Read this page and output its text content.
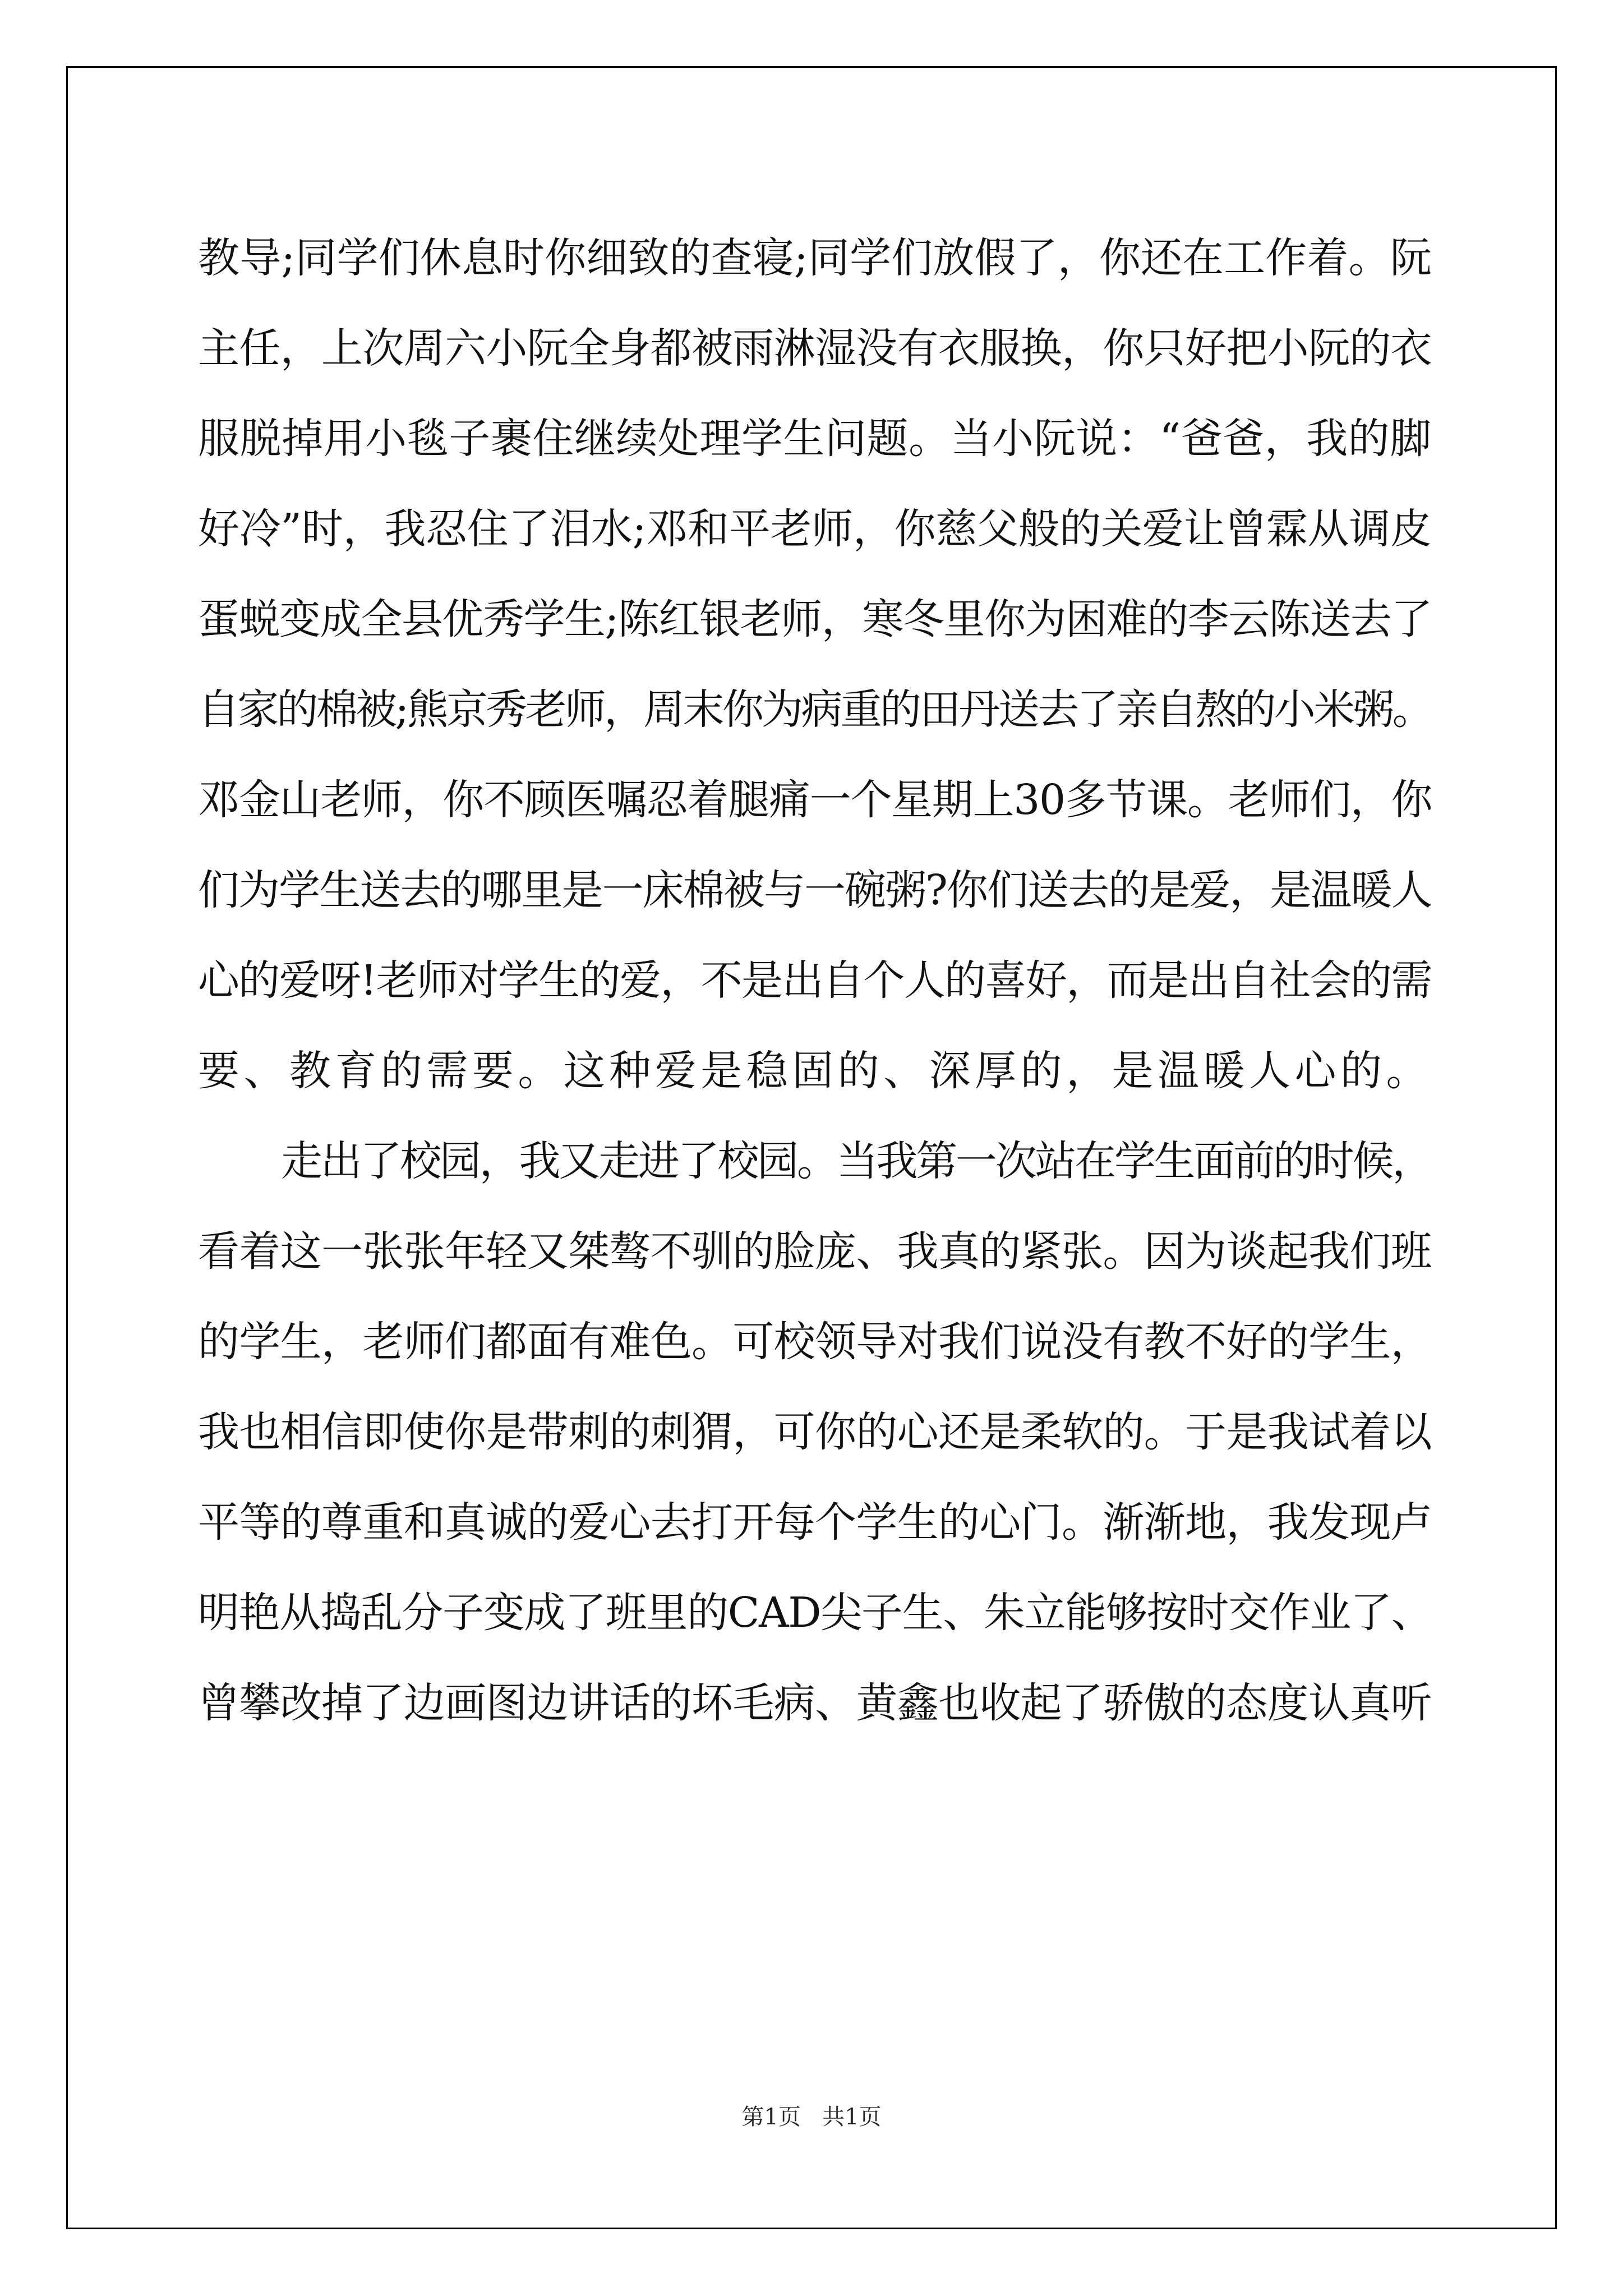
教导;同学们休息时你细致的查寝;同学们放假了，你还在工作着。阮
主任，上次周六小阮全身都被雨淋湿没有衣服换，你只好把小阮的衣
服脱掉用小毯子裹住继续处理学生问题。当小阮说：“爸爸，我的脚
好冷”时，我忍住了泪水;邓和平老师，你慈父般的关爱让曾霖从调皮
蛋蜕变成全县优秀学生;陈红银老师，寒冬里你为困难的李云陈送去了
自家的棉被;熊京秀老师，周末你为病重的田丹送去了亲自熬的小米粥。
邓金山老师，你不顾医嘱忍着腿痛一个星期上30多节课。老师们，你
们为学生送去的哪里是一床棉被与一碗粥?你们送去的是爱，是温暖人
心的爱呀!老师对学生的爱，不是出自个人的喜好，而是出自社会的需
要、教育的需要。这种爱是稳固的、深厚的，是温暖人心的。
走出了校园，我又走进了校园。当我第一次站在学生面前的时候，
看着这一张张年轻又桀骜不驯的脸庞、我真的紧张。因为谈起我们班
的学生，老师们都面有难色。可校领导对我们说没有教不好的学生，
我也相信即使你是带刺的刺猬，可你的心还是柔软的。于是我试着以
平等的尊重和真诚的爱心去打开每个学生的心门。渐渐地，我发现卢
明艳从捣乱分子变成了班里的CAD尖子生、朱立能够按时交作业了、
曾攀改掉了边画图边讲话的坏毛病、黄鑫也收起了骄傲的态度认真听
第1页 共1页
